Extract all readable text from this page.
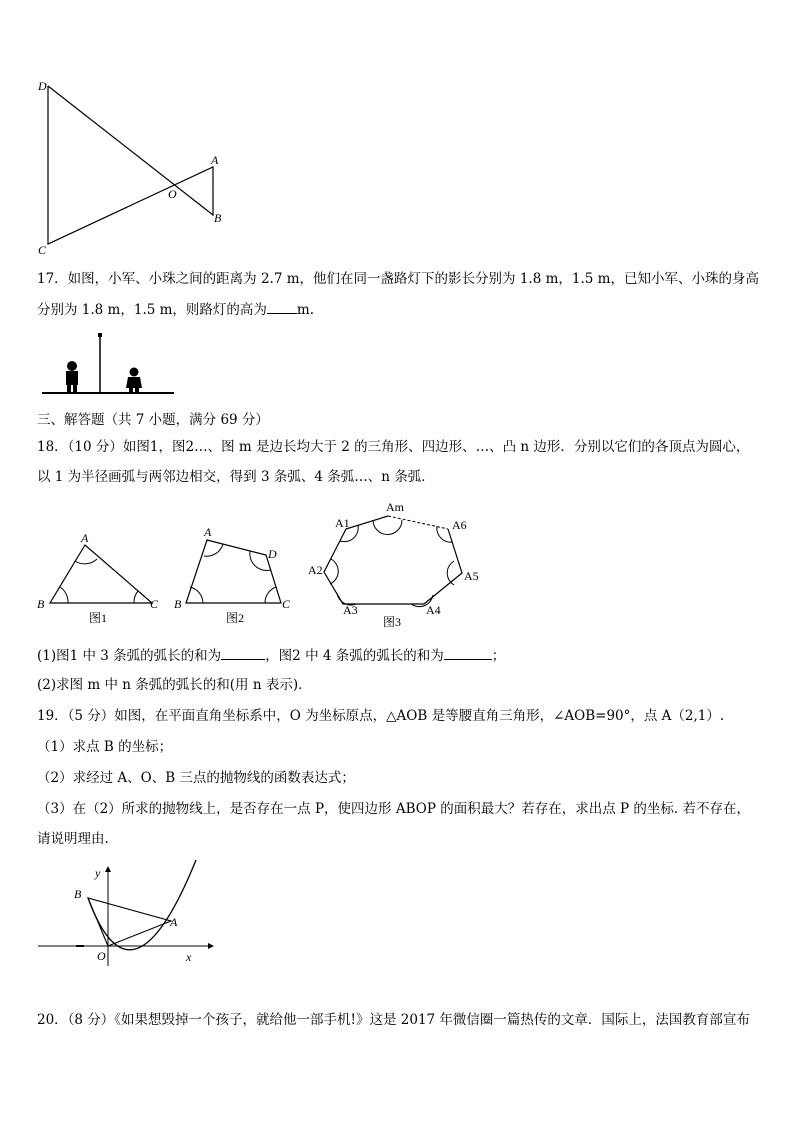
D
A
O
B
C
17．如图，小军、小珠之间的距离为 2.7 m，他们在同一盏路灯下的影长分别为 1.8 m，1.5 m，已知小军、小珠的身高
分别为 1.8 m，1.5 m，则路灯的高为 m.
三、解答题（共 7 小题，满分 69 分）
18．（10 分）如图1，图2…、图 m 是边长均大于 2 的三角形、四边形、…、凸 n 边形．分别以它们的各顶点为圆心，
以 1 为半径画弧与两邻边相交，得到 3 条弧、4 条弧…、n 条弧．
A
B	C
图1
A
D
B	C
图2
Am
A1	A6
A2	A5
A3	A4
图3
(1)图1 中 3 条弧的弧长的和为	，图2 中 4 条弧的弧长的和为	；
(2)求图 m 中 n 条弧的弧长的和(用 n 表示)．
19．（5 分）如图，在平面直角坐标系中，O 为坐标原点，△AOB 是等腰直角三角形，∠AOB=90°，点 A（2,1）.
（1）求点 B 的坐标；
（2）求经过 A、O、B 三点的抛物线的函数表达式；
（3）在（2）所求的抛物线上，是否存在一点 P，使四边形 ABOP 的面积最大？若存在，求出点 P 的坐标. 若不存在，
请说明理由.
y
B
A
O	x
20．（8 分）《如果想毁掉一个孩子，就给他一部手机!》这是 2017 年微信圈一篇热传的文章．国际上，法国教育部宣布
